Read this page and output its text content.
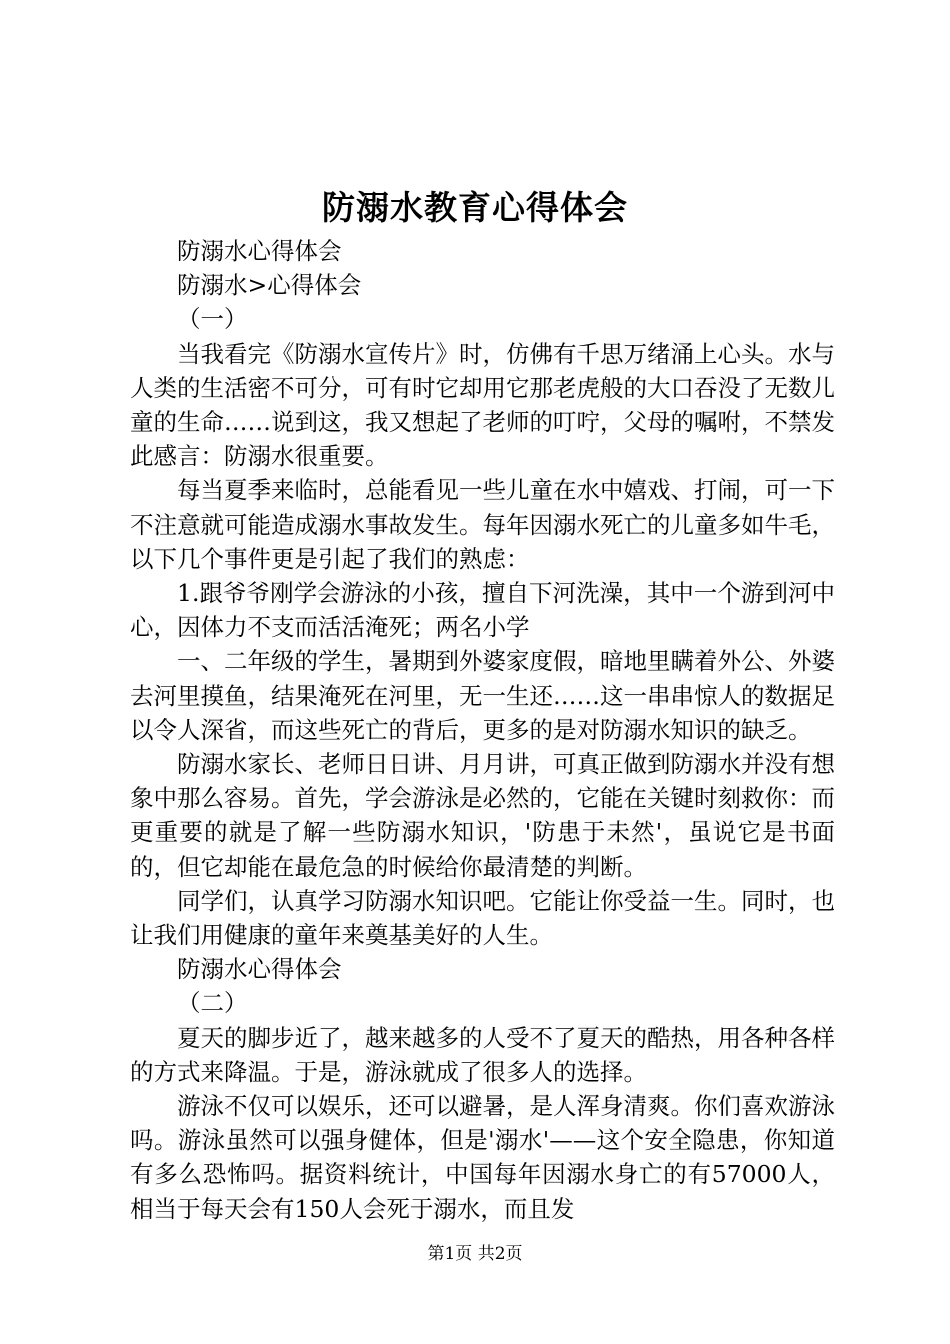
防溺水教育心得体会

防溺水心得体会

防溺水>心得体会

（一）

当我看完《防溺水宣传片》时，仿佛有千思万绪涌上心头。水与人类的生活密不可分，可有时它却用它那老虎般的大口吞没了无数儿童的生命……说到这，我又想起了老师的叮咛，父母的嘱咐，不禁发此感言：防溺水很重要。

每当夏季来临时，总能看见一些儿童在水中嬉戏、打闹，可一下不注意就可能造成溺水事故发生。每年因溺水死亡的儿童多如牛毛，以下几个事件更是引起了我们的熟虑：

1.跟爷爷刚学会游泳的小孩，擅自下河洗澡，其中一个游到河中心，因体力不支而活活淹死；两名小学

一、二年级的学生，暑期到外婆家度假，暗地里瞒着外公、外婆去河里摸鱼，结果淹死在河里，无一生还……这一串串惊人的数据足以令人深省，而这些死亡的背后，更多的是对防溺水知识的缺乏。

防溺水家长、老师日日讲、月月讲，可真正做到防溺水并没有想象中那么容易。首先，学会游泳是必然的，它能在关键时刻救你：而更重要的就是了解一些防溺水知识，'防患于未然'，虽说它是书面的，但它却能在最危急的时候给你最清楚的判断。

同学们，认真学习防溺水知识吧。它能让你受益一生。同时，也让我们用健康的童年来奠基美好的人生。

防溺水心得体会

（二）

夏天的脚步近了，越来越多的人受不了夏天的酷热，用各种各样的方式来降温。于是，游泳就成了很多人的选择。

游泳不仅可以娱乐，还可以避暑，是人浑身清爽。你们喜欢游泳吗。游泳虽然可以强身健体，但是'溺水'——这个安全隐患，你知道有多么恐怖吗。据资料统计，中国每年因溺水身亡的有57000人，相当于每天会有150人会死于溺水，而且发

第1页 共2页
